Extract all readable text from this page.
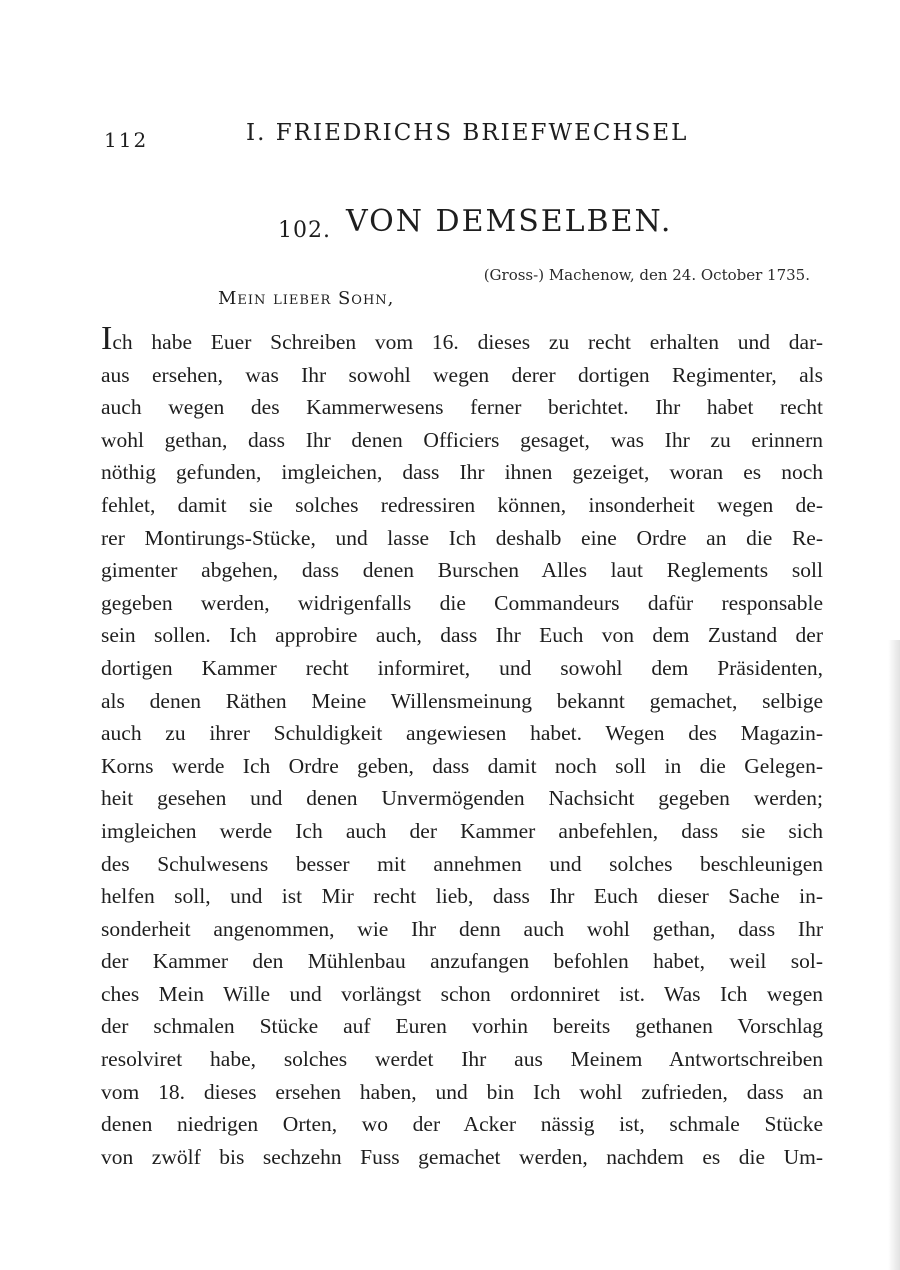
112	I. FRIEDRICHS BRIEFWECHSEL
102. VON DEMSELBEN.
(Gross-) Machenow, den 24. October 1735.
Mein lieber Sohn,
Ich habe Euer Schreiben vom 16. dieses zu recht erhalten und dar-
aus ersehen, was Ihr sowohl wegen derer dortigen Regimenter, als
auch wegen des Kammerwesens ferner berichtet. Ihr habet recht
wohl gethan, dass Ihr denen Officiers gesaget, was Ihr zu erinnern
nöthig gefunden, imgleichen, dass Ihr ihnen gezeiget, woran es noch
fehlet, damit sie solches redressiren können, insonderheit wegen de-
rer Montirungs-Stücke, und lasse Ich deshalb eine Ordre an die Re-
gimenter abgehen, dass denen Burschen Alles laut Reglements soll
gegeben werden, widrigenfalls die Commandeurs dafür responsable
sein sollen. Ich approbire auch, dass Ihr Euch von dem Zustand der
dortigen Kammer recht informiret, und sowohl dem Präsidenten,
als denen Räthen Meine Willensmeinung bekannt gemachet, selbige
auch zu ihrer Schuldigkeit angewiesen habet. Wegen des Magazin-
Korns werde Ich Ordre geben, dass damit noch soll in die Gelegen-
heit gesehen und denen Unvermögenden Nachsicht gegeben werden;
imgleichen werde Ich auch der Kammer anbefehlen, dass sie sich
des Schulwesens besser mit annehmen und solches beschleunigen
helfen soll, und ist Mir recht lieb, dass Ihr Euch dieser Sache in-
sonderheit angenommen, wie Ihr denn auch wohl gethan, dass Ihr
der Kammer den Mühlenbau anzufangen befohlen habet, weil sol-
ches Mein Wille und vorlängst schon ordonniret ist. Was Ich wegen
der schmalen Stücke auf Euren vorhin bereits gethanen Vorschlag
resolviret habe, solches werdet Ihr aus Meinem Antwortschreiben
vom 18. dieses ersehen haben, und bin Ich wohl zufrieden, dass an
denen niedrigen Orten, wo der Acker nässig ist, schmale Stücke
von zwölf bis sechzehn Fuss gemachet werden, nachdem es die Um-
